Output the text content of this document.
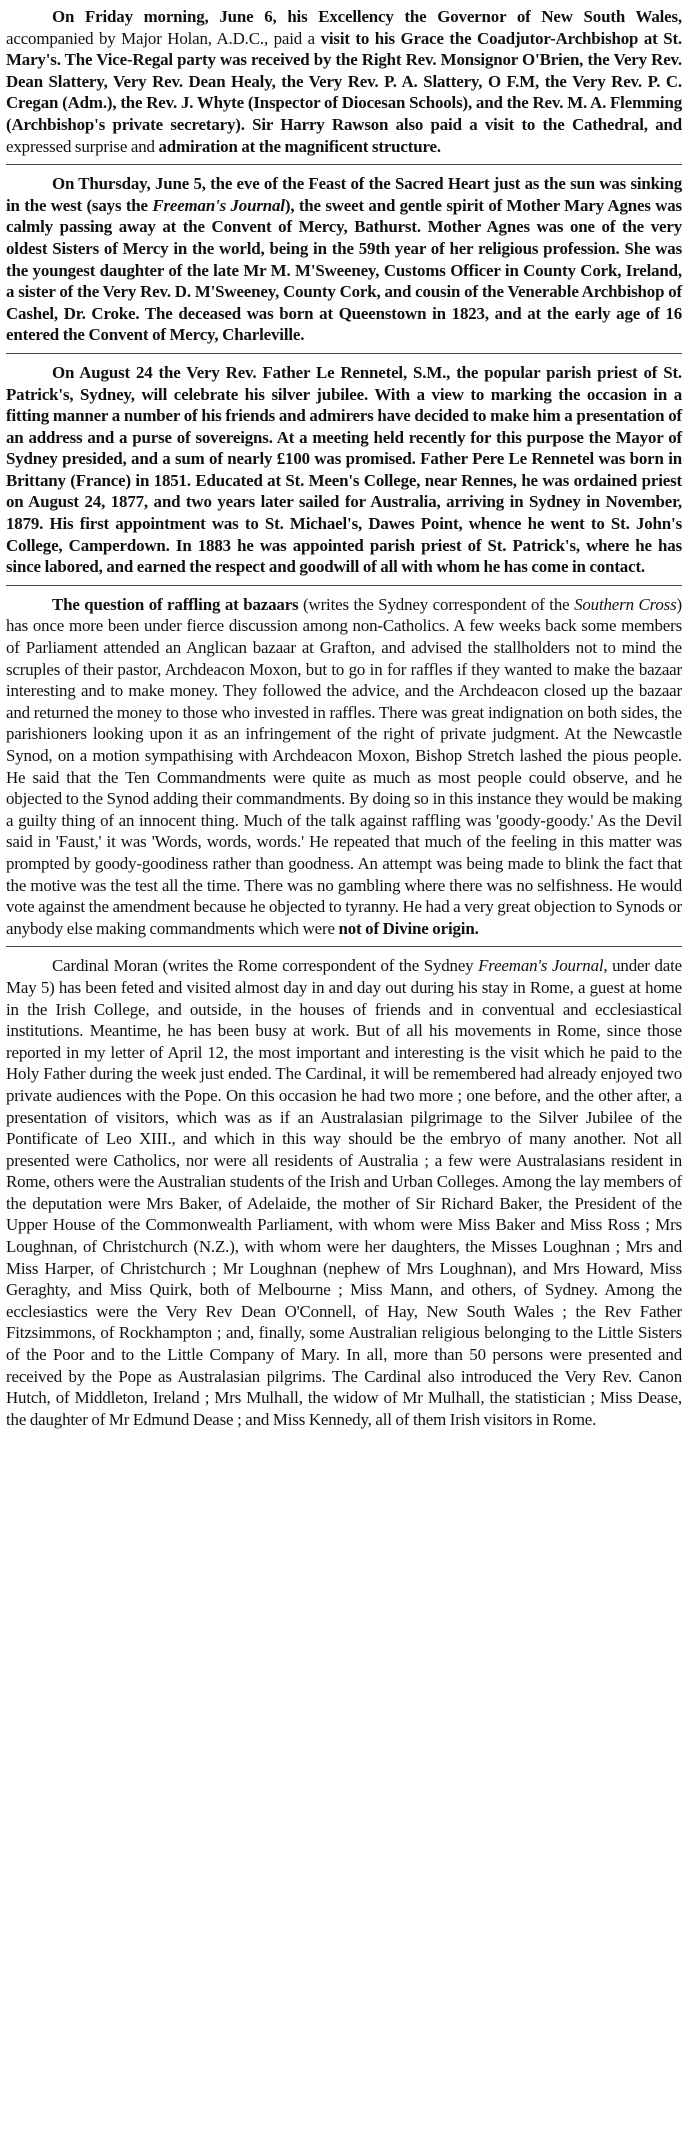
On Friday morning, June 6, his Excellency the Governor of New South Wales, accompanied by Major Holan, A.D.C., paid a visit to his Grace the Coadjutor-Archbishop at St. Mary's. The Vice-Regal party was received by the Right Rev. Monsignor O'Brien, the Very Rev. Dean Slattery, Very Rev. Dean Healy, the Very Rev. P. A. Slattery, O F.M, the Very Rev. P. C. Cregan (Adm.), the Rev. J. Whyte (Inspector of Diocesan Schools), and the Rev. M. A. Flemming (Archbishop's private secretary). Sir Harry Rawson also paid a visit to the Cathedral, and expressed surprise and admiration at the magnificent structure.

On Thursday, June 5, the eve of the Feast of the Sacred Heart just as the sun was sinking in the west (says the Freeman's Journal), the sweet and gentle spirit of Mother Mary Agnes was calmly passing away at the Convent of Mercy, Bathurst. Mother Agnes was one of the very oldest Sisters of Mercy in the world, being in the 59th year of her religious profession. She was the youngest daughter of the late Mr M. M'Sweeney, Customs Officer in County Cork, Ireland, a sister of the Very Rev. D. M'Sweeney, County Cork, and cousin of the Venerable Archbishop of Cashel, Dr. Croke. The deceased was born at Queenstown in 1823, and at the early age of 16 entered the Convent of Mercy, Charleville.

On August 24 the Very Rev. Father Le Rennetel, S.M., the popular parish priest of St. Patrick's, Sydney, will celebrate his silver jubilee. With a view to marking the occasion in a fitting manner a number of his friends and admirers have decided to make him a presentation of an address and a purse of sovereigns. At a meeting held recently for this purpose the Mayor of Sydney presided, and a sum of nearly £100 was promised. Father Pere Le Rennetel was born in Brittany (France) in 1851. Educated at St. Meen's College, near Rennes, he was ordained priest on August 24, 1877, and two years later sailed for Australia, arriving in Sydney in November, 1879. His first appointment was to St. Michael's, Dawes Point, whence he went to St. John's College, Camperdown. In 1883 he was appointed parish priest of St. Patrick's, where he has since labored, and earned the respect and goodwill of all with whom he has come in contact.

The question of raffling at bazaars (writes the Sydney correspondent of the Southern Cross) has once more been under fierce discussion among non-Catholics. A few weeks back some members of Parliament attended an Anglican bazaar at Grafton, and advised the stallholders not to mind the scruples of their pastor, Archdeacon Moxon, but to go in for raffles if they wanted to make the bazaar interesting and to make money. They followed the advice, and the Archdeacon closed up the bazaar and returned the money to those who invested in raffles. There was great indignation on both sides, the parishioners looking upon it as an infringement of the right of private judgment. At the Newcastle Synod, on a motion sympathising with Archdeacon Moxon, Bishop Stretch lashed the pious people. He said that the Ten Commandments were quite as much as most people could observe, and he objected to the Synod adding their commandments. By doing so in this instance they would be making a guilty thing of an innocent thing. Much of the talk against raffling was 'goody-goody.' As the Devil said in 'Faust,' it was 'Words, words, words.' He repeated that much of the feeling in this matter was prompted by goody-goodiness rather than goodness. An attempt was being made to blink the fact that the motive was the test all the time. There was no gambling where there was no selfishness. He would vote against the amendment because he objected to tyranny. He had a very great objection to Synods or anybody else making commandments which were not of Divine origin.

Cardinal Moran (writes the Rome correspondent of the Sydney Freeman's Journal, under date May 5) has been feted and visited almost day in and day out during his stay in Rome, a guest at home in the Irish College, and outside, in the houses of friends and in conventual and ecclesiastical institutions. Meantime, he has been busy at work. But of all his movements in Rome, since those reported in my letter of April 12, the most important and interesting is the visit which he paid to the Holy Father during the week just ended. The Cardinal, it will be remembered had already enjoyed two private audiences with the Pope. On this occasion he had two more ; one before, and the other after, a presentation of visitors, which was as if an Australasian pilgrimage to the Silver Jubilee of the Pontificate of Leo XIII., and which in this way should be the embryo of many another. Not all presented were Catholics, nor were all residents of Australia ; a few were Australasians resident in Rome, others were the Australian students of the Irish and Urban Colleges. Among the lay members of the deputation were Mrs Baker, of Adelaide, the mother of Sir Richard Baker, the President of the Upper House of the Commonwealth Parliament, with whom were Miss Baker and Miss Ross ; Mrs Loughnan, of Christchurch (N.Z.), with whom were her daughters, the Misses Loughnan ; Mrs and Miss Harper, of Christchurch ; Mr Loughnan (nephew of Mrs Loughnan), and Mrs Howard, Miss Geraghty, and Miss Quirk, both of Melbourne ; Miss Mann, and others, of Sydney. Among the ecclesiastics were the Very Rev Dean O'Connell, of Hay, New South Wales ; the Rev Father Fitzsimmons, of Rockhampton ; and, finally, some Australian religious belonging to the Little Sisters of the Poor and to the Little Company of Mary. In all, more than 50 persons were presented and received by the Pope as Australasian pilgrims. The Cardinal also introduced the Very Rev. Canon Hutch, of Middleton, Ireland ; Mrs Mulhall, the widow of Mr Mulhall, the statistician ; Miss Dease, the daughter of Mr Edmund Dease ; and Miss Kennedy, all of them Irish visitors in Rome.
